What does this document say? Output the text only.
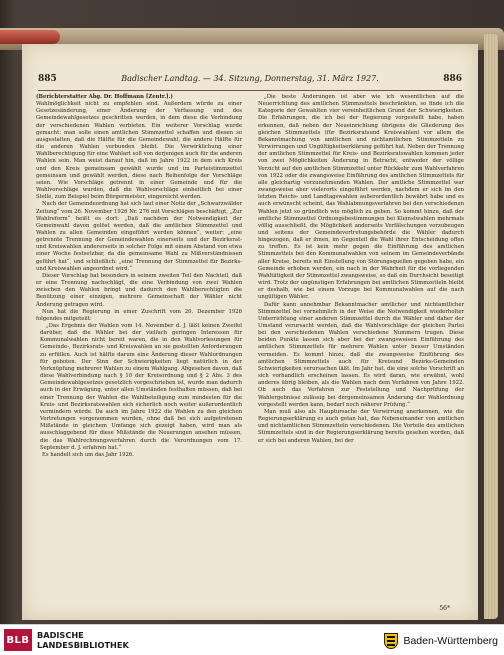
885	Badischer Landtag. — 34. Sitzung, Donnerstag, 31. März 1927.	886

(Berichterstatter Abg. Dr. Hoffmann [Zentr.].)

Wahlmöglichkeit nicht zu empfehlen sind. Außerdem würde zu einer Gesetzesänderung, einer Änderung der Verfassung und des Gemeindewahlgesetzes geschritten werden, in dem diese die Verbindung der verschiedenen Wahlen verbieten. Ein weiterer Vorschlag wurde gemacht: man solle einen amtlichen Stimmzettel schaffen und diesen so ausgestalten, daß die Hälfte für die Gemeindewahl, die andere Hälfte für die anderen Wahlen verbunden bleibt. Die Verwirklichung einer Wahlberechtigung für eine Wahlart soll von derjenigen auch für die anderen Wahlen sein. Man weist darauf hin, daß im Jahre 1922 in dem sich Kreis und den Kreis gemeinsam gewählt wurde und im Parteistimmzettel gemeinsam und gewählt werden, diese nach Reihenfolge der Vorschläge seien. Wie Vorschläge getrennt in einer Gemeinde und für die Wahlvorschläge wurden, daß die Wahlvorschläge einheitlich bei einer Stelle, zum Beispiel beim Bürgermeister, eingereicht werden.

Nach der Gemeindeordnung hat sich laut einer Notiz der „Schwarzwälder Zeitung“ vom 26. November 1926 Nr. 276 mit Vorschlägen beschäftigt, „Zur Wahlreform“ heißt es dort: „Daß nachdem der Notwendigkeit der Gemeinwahl davon gelöst werden, daß die amtlichen Stimmzettel und Wahlen zu allen Gemeinden eingeführt werden können“, weiter: „eine getrennte Trennung der Gemeindewahlen einerseits und der Bezirksrat- und Kreiswahlen andererseits in solcher Folge mit einem Abstand von etwa einer Woche festsetzbar, da die gemeinsame Wahl zu Mißverständnissen geführt hat“, und schließlich: „eine Trennung der Stimmzettel für Bezirks- und Kreiswahlen angeordnet wird.“

Dieser Vorschlag hat besonders in seinem zweiten Teil den Nachteil, daß er eine Trennung nachschlägt, die eine Verbindung von zwei Wahlen zwischen den Wahlen bringt und dadurch den Wahlberechtigten die Benützung einer einzigen, mehrere Gemeinschaft der Wähler nicht Änderung getragen wird.

Nun hat die Regierung in einer Zuschrift vom 20. Dezember 1926 folgendes mitgeteilt:

„Das Ergebnis der Wahlen vom 14. November d. J. läßt keinen Zweifel darüber, daß die Wähler bei der vielfach geringen Interessen für Kommunalwahlen nicht bereit waren, die in den Wahlvorlesungen für Gemeinde-, Bezirksrats- und Kreiswahlen an sie gestellten Anforderungen zu erfüllen. Auch ist hälfte darum eine Änderung dieser Wahlordnungen für geboten. Der Sinn der Schwierigkeiten liegt natürlich in der Verknüpfung mehrerer Wahlen zu einem Wahlgang. Abgesehen davon, daß diese Wahlverbindung nach § 10 der Kreisordnung und § 2 Abs. 3 des Gemeindewahlgesetzes gesetzlich vorgeschrieben ist, wurde man dadurch auch in der Erwägung, unter allen Umständen festhalten müssen, daß bei einer Trennung der Wahlen die Wahlbeteiligung zum mindesten für die Kreis- und Bezirksratswahlen sich sicherlich noch weiter außerordentlich vermindern würde. Da auch im Jahre 1922 die Wahlen zu den gleichen Vertretungen vorgenommen wurden, ohne daß bei sich aufgetretenen Mißstände in gleichem Umfange sich gezeigt haben, wird man als ausschlaggebend für diese Mißstände die Neuerungen ansehen müssen, die das Wahlrechnungsverfahren durch die Verordnungen vom 17. September d. J. erfahren hat.“

Es handelt sich um das Jahr 1926.

„Die beste Änderungen ist aber wie ich wesentlichen auf die Neuerrichtung des amtlichen Stimmzettels beschränkten, so finde ich die Kategorie der Gewahlten vier vereinheitlichen Grund der Schwierigkeiten. Die Erfahrungen, die ich bei der Regierung vorgestellt habe, haben erkennen, daß neben der Neueinrichtung übrigens die Gliederung des gleichen Stimmzettels (für Bezirksratsund Kreiswahlen) vor allem die Bekanntmachung von amtlichen und nichtamtlichen Stimmzetteln zu Verwirrungen und Ungültigkeitserklärung geführt hat. Neben der Trennung der amtlichen Stimmzettel für Kreis- und Bezirksratswahlen kommen jeder von zwei Möglichkeiten Änderung in Betracht, entweder der völlige Verzicht auf den amtlichen Stimmzettel unter Rückkehr zum Wahlverfahren von 1922 oder die zwangsweise Einführung des amtlichen Stimmzettels für alle gleichartig vorzunehmenden Wahlen. Der amtliche Stimmzettel war zwangsweise aber vielerorts eingeführt werden, nachdem er sich im den letzten Reichs- und Landtagswahlen außerordentlich bewährt habe und es auch erwünscht scheint, das Wahlabmungsverfahren bei den verschiedenen Wahlen jetzt so gründlich wie möglich zu geben. So kommt hinzu, daß der amtliche Stimmzettel Ordnungsbestimmungen bei Kleinstwahlen mehrmals völlig ausschließt, die Möglichkeit anderseits Verfälschungen vorzubeugen und seitens der Gemeindevertretungsbehörde die Wähler dadurch hingezogen, daß er ihnen, im Gegenteil die Wahl ihrer Entscheidung offen zu treffen. Es ist kein mehr gegen die Einführung des amtlichen Stimmzettels bei den Kommunalwahlen von seinem im Gemeindeverbände aller Kreise, bereits mit Einstellung von Störungsquellen gegeben habe, ein Gemeinde erhoben werden, ein nach in der Wahrheit für die vorliegenden Wahltätigkeit der Stimmzettel zwangsweise, so daß ein Durchsicht beseitigt wird. Trotz der ungünstigen Erfahrungen bei amtlichen Stimmzetteln bleibt er deshalb, wie bei einem Vorzuge bei Kommunalwahlen auf die nach ungültigen Wähler.

Dafür kann annehmbar Bekanntmacher amtlicher und nichtamtlicher Stimmzettel bei vornehmlich in der Weise die Notwendigkeit wiederholter Unterrichtung einer anderen Stimmzettel durch die Wähler und daher der Umstand verursacht werden, daß die Wahlvorschläge der gleichen Partei bei den verschiedenen Wahlen verschiedene Nummern trugen. Diese beiden Punkte lassen sich aber bei der zwangsweisen Einführung des amtlichen Stimmzettels für mehrere Wahlen unter besser Umständen vermeiden. Es kommt hinzu, daß die zwangsweise Einführung des amtlichen Stimmzettels auch für Kreisund Bezirks-Gemeinden Schwierigkeiten verursachen läßt. Im Jahr hat, die eine solche Vorschrift an sich vorhandlich erscheinen lassen. Es wird daran, wie erwähnt, wohl anderes übrig bleiben, als die Wahlen nach dem Verfahren von Jahre 1922. Ob auch das Verfahren zur Feststellung und Nachprüfung der Wahlergebnisse zulässig bei dergemeinsamen Änderung der Wahlordnung vorgestellt werden kann, bedarf noch näherer Prüfung.“

Man muß also als Hauptursache der Verwirrung anerkennen, wie die Regierungserklärung es auch getan hat, das Nebeneinander von amtlichen und nichtamtlichen Stimmzetteln verschiedenen. Die Vorteile des amtlichen Stimmzettels sind in der Regierungserklärung bereits gesehen worden, daß er sich bei anderen Wahlen, bei der

56*
BLB BADISCHE
LANDESBIBLIOTHEK	Baden-Württemberg
